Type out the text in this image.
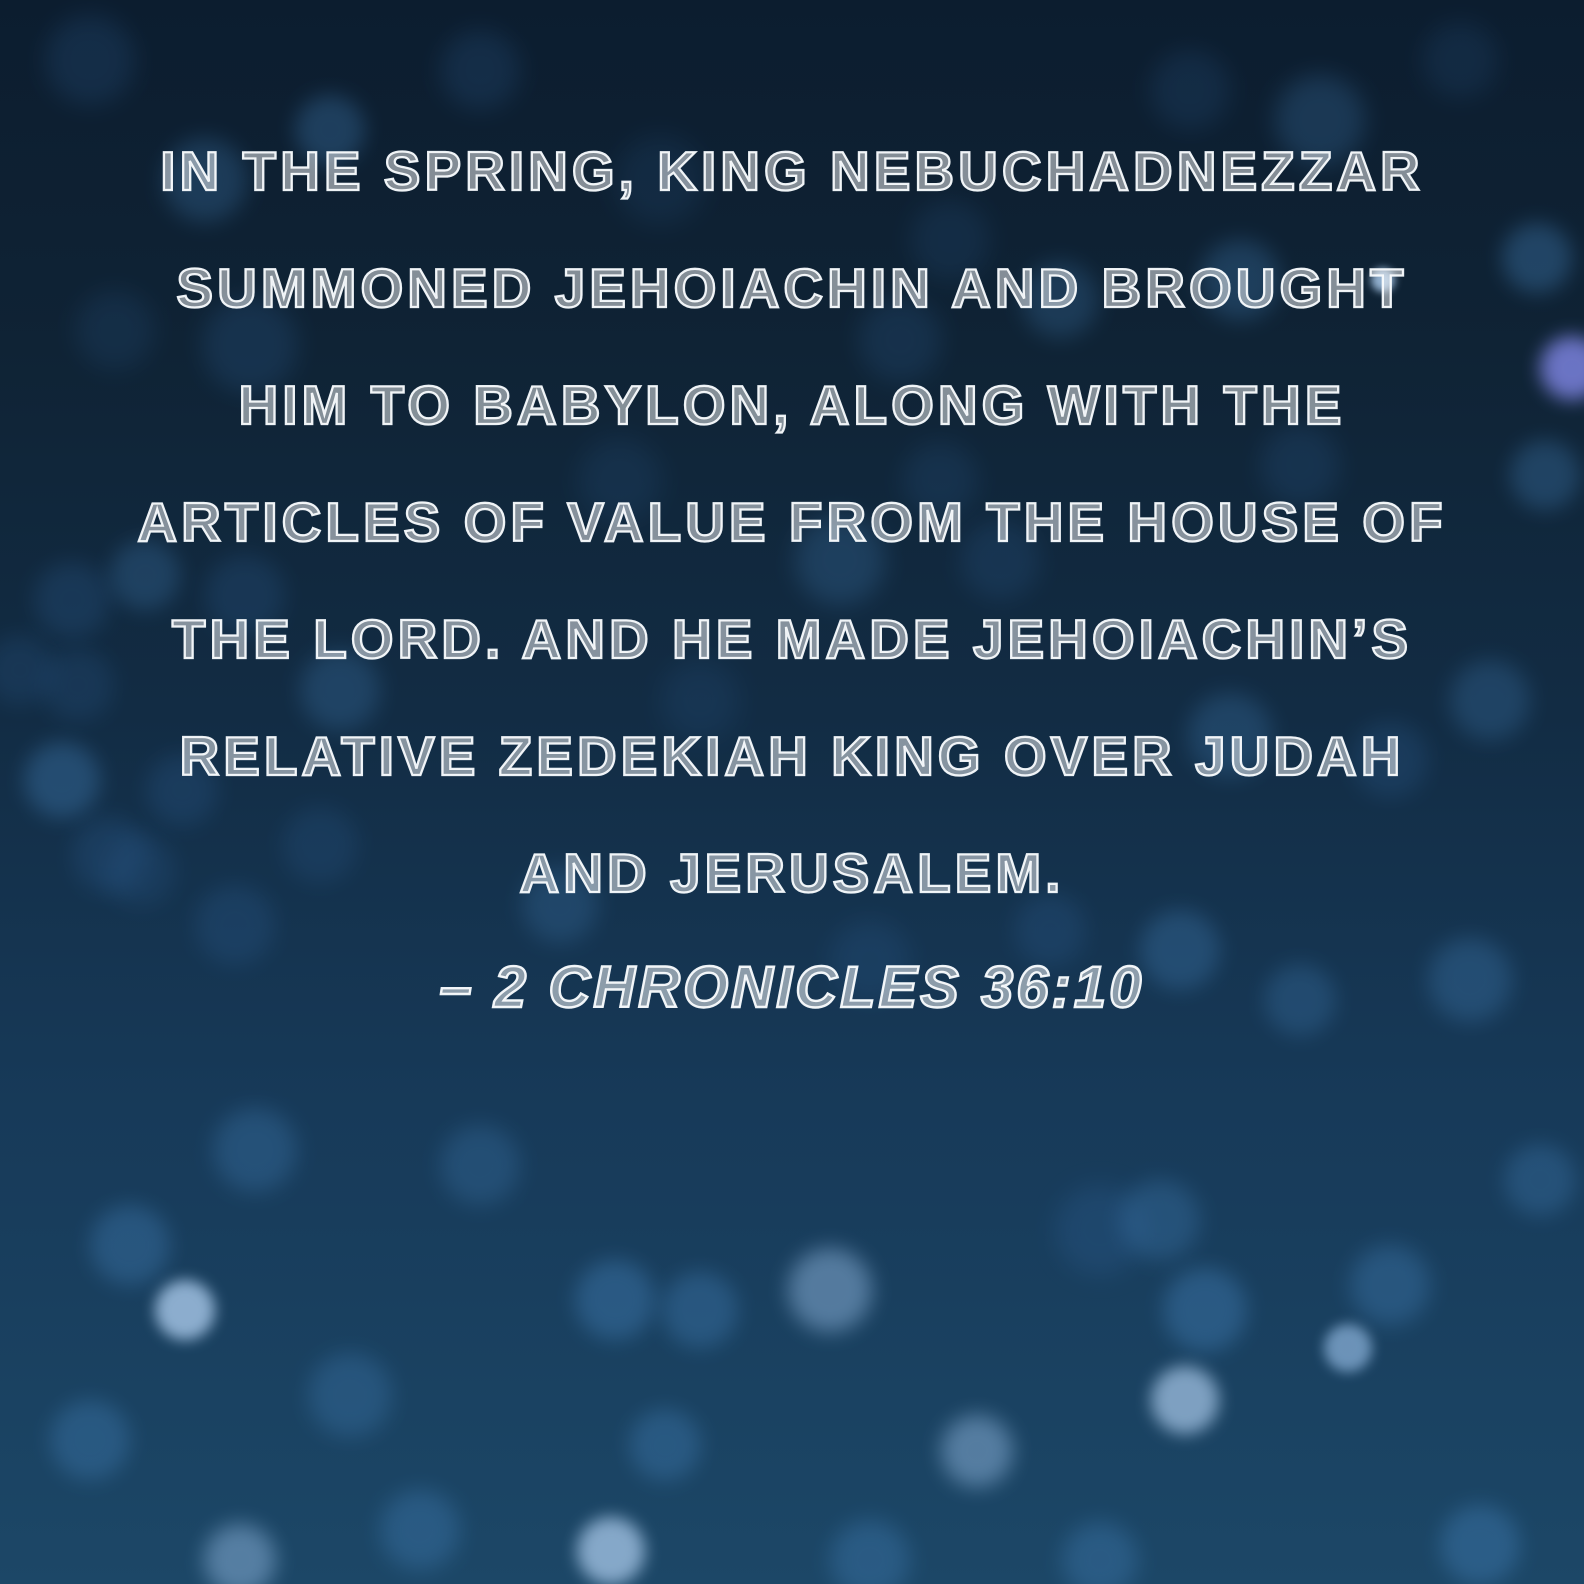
IN THE SPRING, KING NEBUCHADNEZZAR
SUMMONED JEHOIACHIN AND BROUGHT
HIM TO BABYLON, ALONG WITH THE
ARTICLES OF VALUE FROM THE HOUSE OF
THE LORD. AND HE MADE JEHOIACHIN’S
RELATIVE ZEDEKIAH KING OVER JUDAH
AND JERUSALEM.
– 2 CHRONICLES 36:10
